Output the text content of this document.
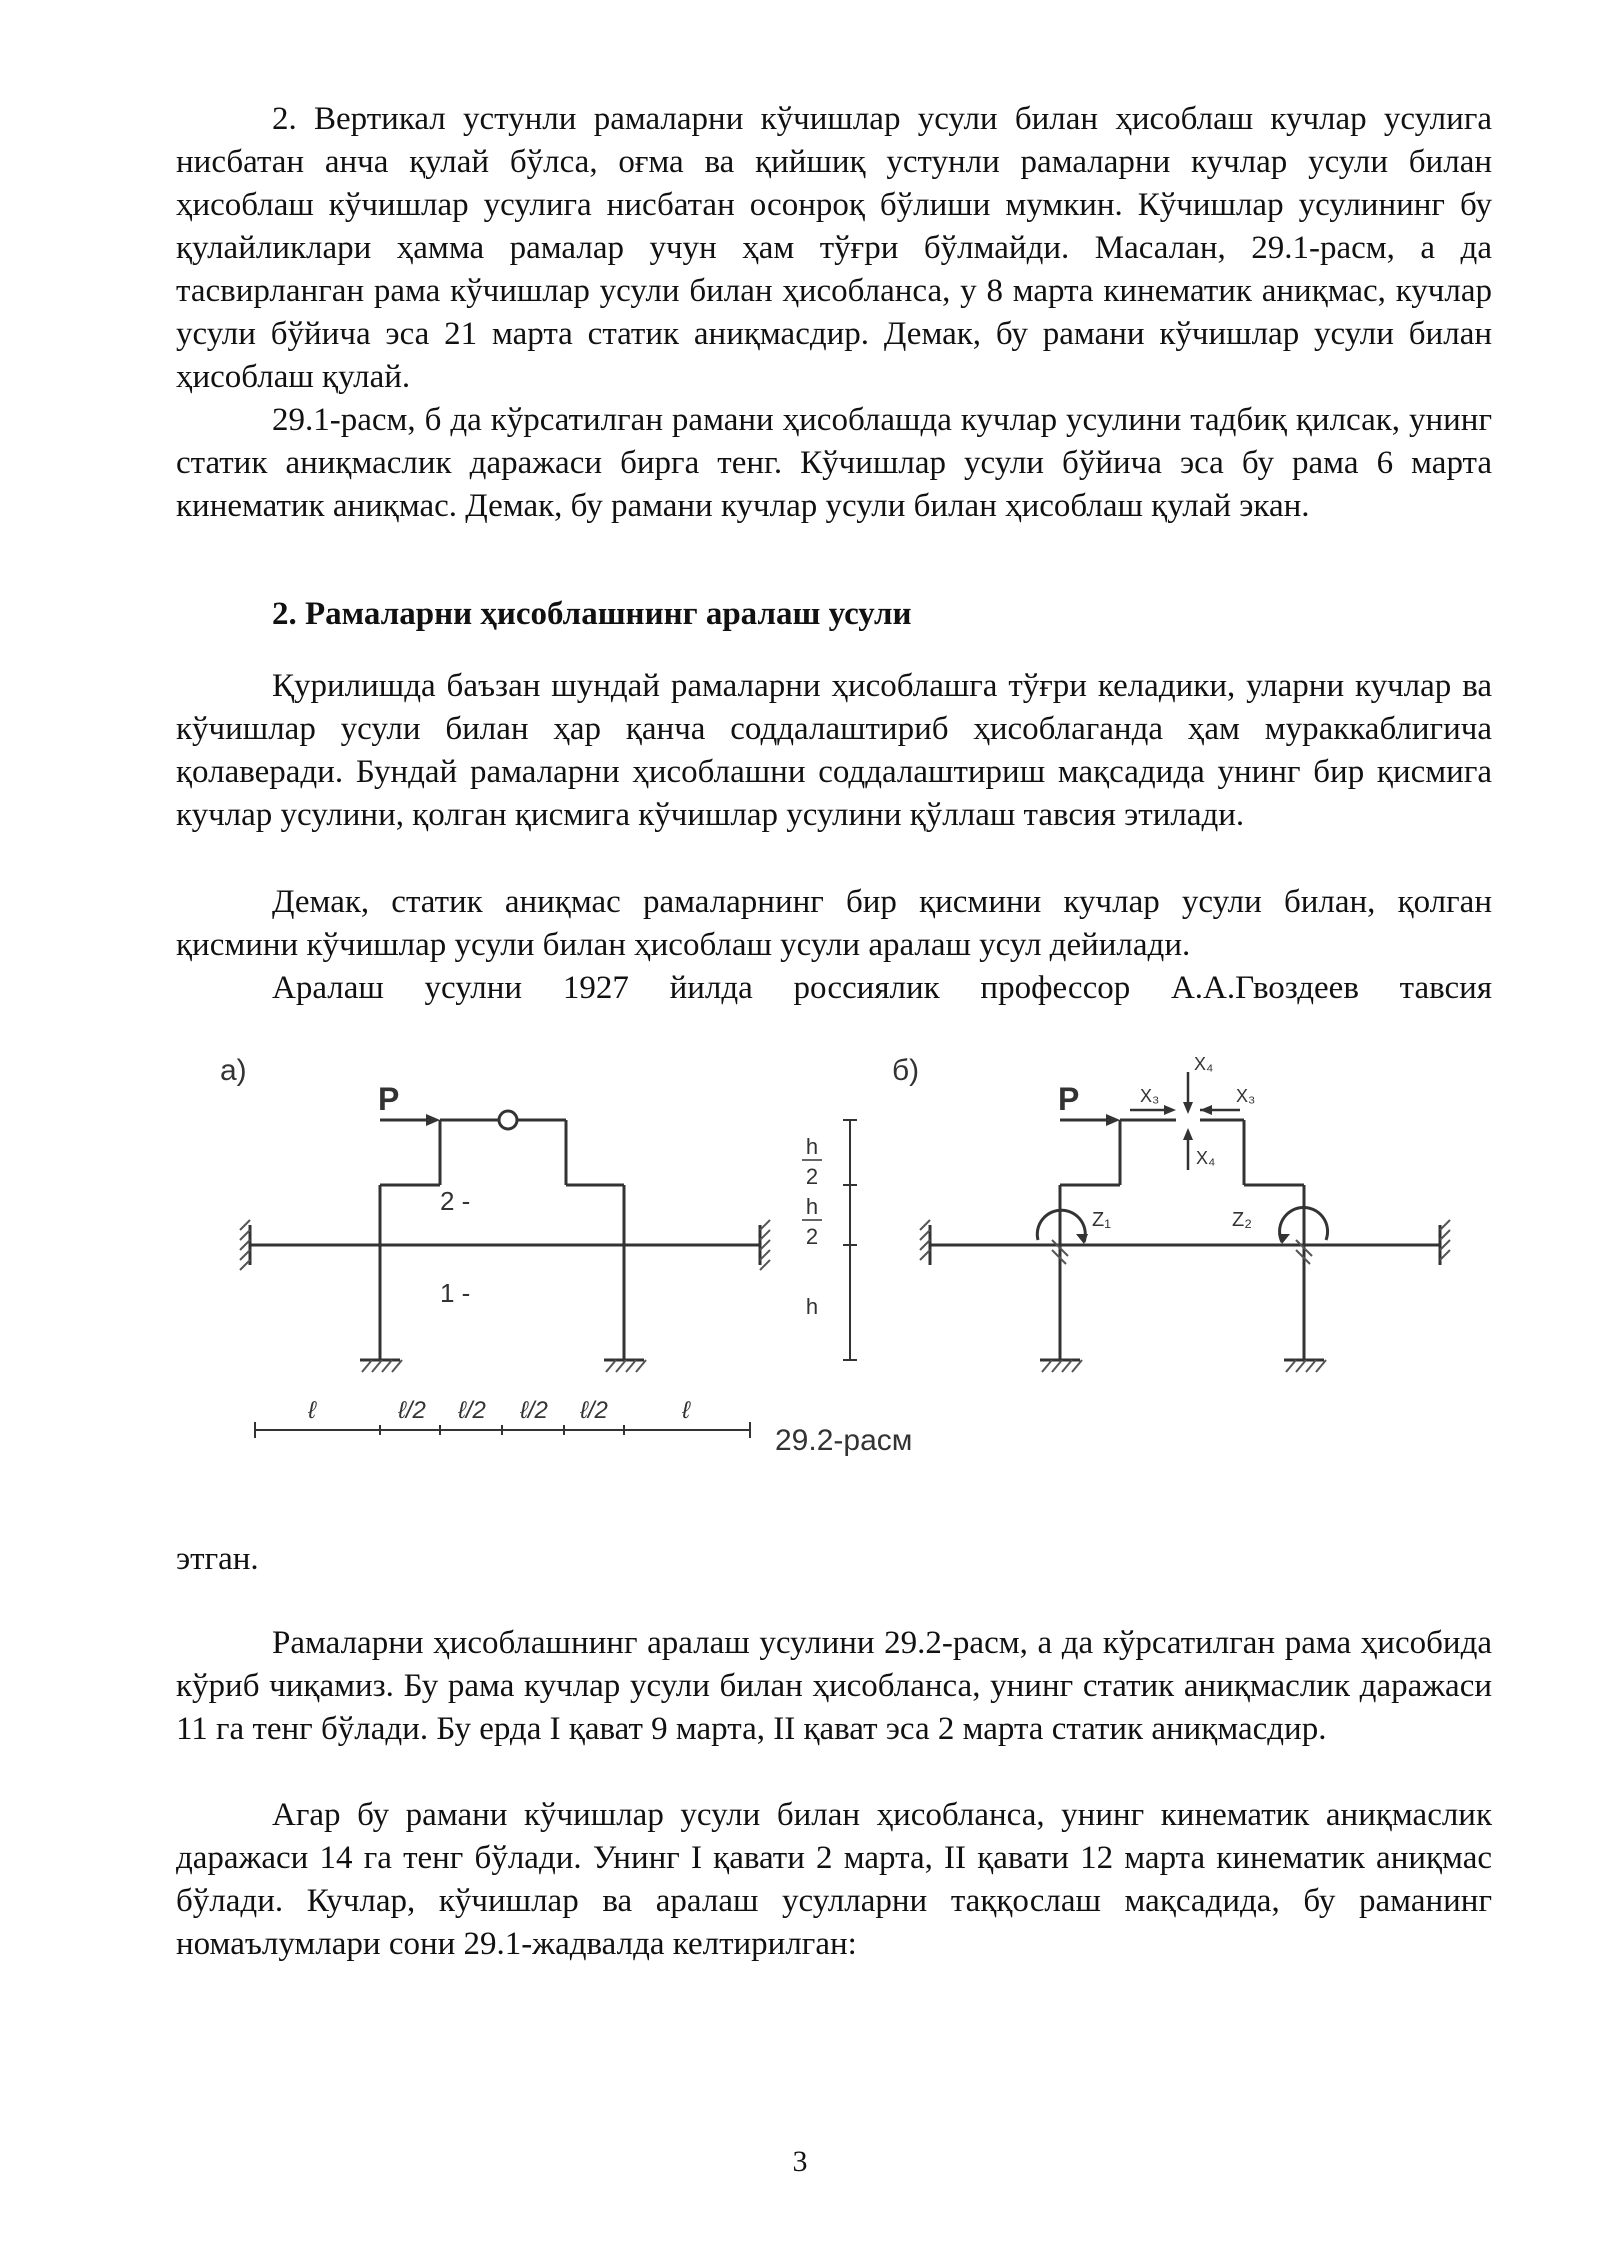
2. Вертикал устунли рамаларни кўчишлар усули билан ҳисоблаш кучлар усулига нисбатан анча қулай бўлса, оғма ва қийшиқ устунли рамаларни кучлар усули билан ҳисоблаш кўчишлар усулига нисбатан осонроқ бўлиши мумкин. Кўчишлар усулининг бу қулайликлари ҳамма рамалар учун ҳам тўғри бўлмайди. Масалан, 29.1-расм, а да тасвирланган рама кўчишлар усули билан ҳисобланса, у 8 марта кинематик аниқмас, кучлар усули бўйича эса 21 марта статик аниқмасдир. Демак, бу рамани кўчишлар усули билан ҳисоблаш қулай.

29.1-расм, б да кўрсатилган рамани ҳисоблашда кучлар усулини тадбиқ қилсак, унинг статик аниқмаслик даражаси бирга тенг. Кўчишлар усули бўйича эса бу рама 6 марта кинематик аниқмас. Демак, бу рамани кучлар усули билан ҳисоблаш қулай экан.

2. Рамаларни ҳисоблашнинг аралаш усули

Қурилишда баъзан шундай рамаларни ҳисоблашга тўғри келадики, уларни кучлар ва кўчишлар усули билан ҳар қанча соддалаштириб ҳисоблаганда ҳам мураккаблигича қолаверади. Бундай рамаларни ҳисоблашни соддалаштириш мақсадида унинг бир қисмига кучлар усулини, қолган қисмига кўчишлар усулини қўллаш тавсия этилади.

Демак, статик аниқмас рамаларнинг бир қисмини кучлар усули билан, қолган қисмини кўчишлар усули билан ҳисоблаш усули аралаш усул дейилади.

Аралаш усулни 1927 йилда россиялик профессор А.А.Гвоздеев тавсия

а)	б)
P	P
2 -
1 -
h
2
h
2
h
ℓ	ℓ/2 ℓ/2 ℓ/2 ℓ/2	ℓ
X₃	X₃
X₄
X₄
Z₁	Z₂
29.2-расм

этган.

Рамаларни ҳисоблашнинг аралаш усулини 29.2-расм, а да кўрсатилган рама ҳисобида кўриб чиқамиз. Бу рама кучлар усули билан ҳисобланса, унинг статик аниқмаслик даражаси 11 га тенг бўлади. Бу ерда I қават 9 марта, II қават эса 2 марта статик аниқмасдир.

Агар бу рамани кўчишлар усули билан ҳисобланса, унинг кинематик аниқмаслик даражаси 14 га тенг бўлади. Унинг I қавати 2 марта, II қавати 12 марта кинематик аниқмас бўлади. Кучлар, кўчишлар ва аралаш усулларни таққослаш мақсадида, бу раманинг номаълумлари сони 29.1-жадвалда келтирилган:

3
